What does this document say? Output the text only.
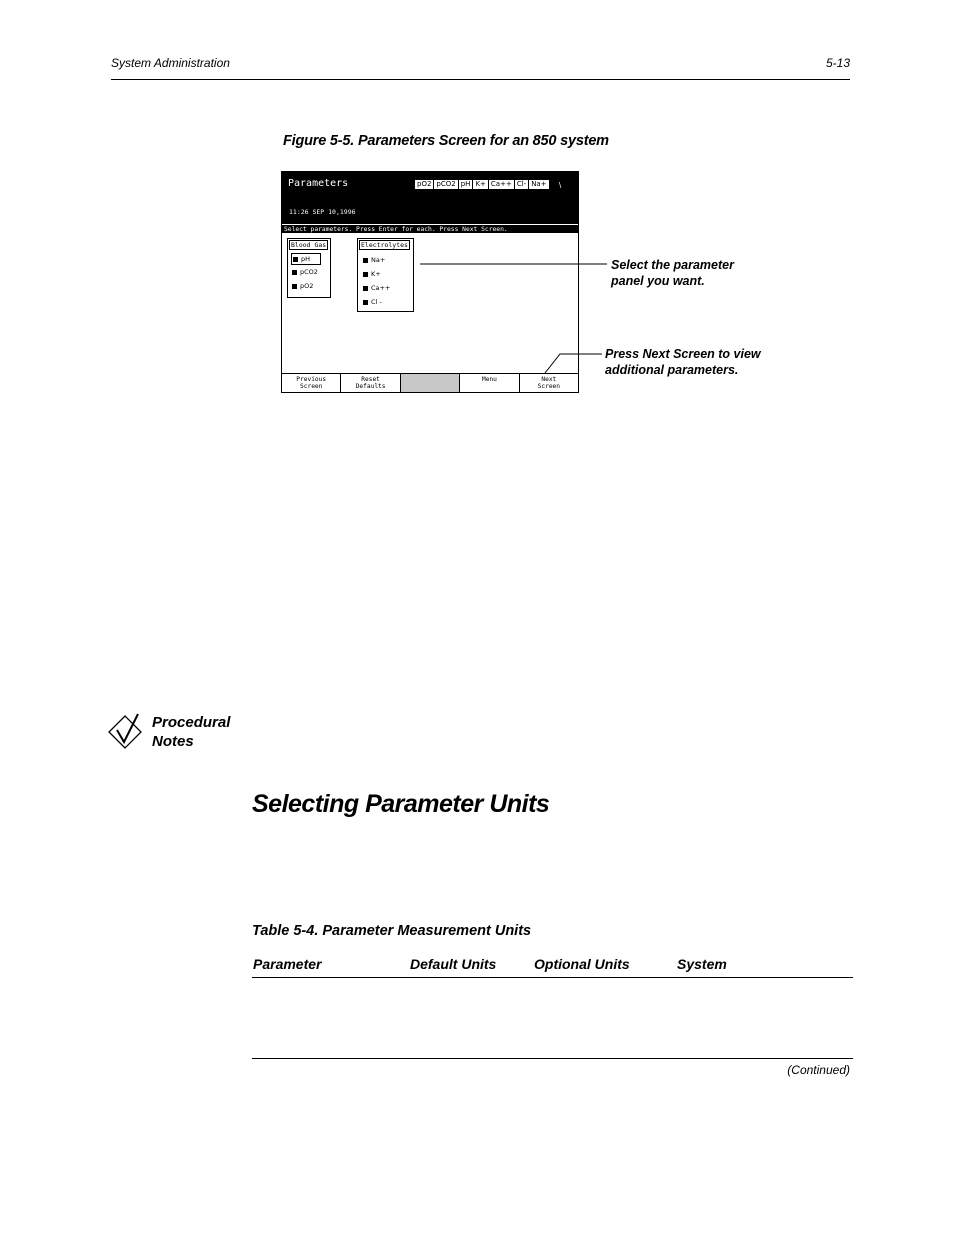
System Administration	5-13
Figure 5-5. Parameters Screen for an 850 system
Parameters	pO2 pCO2 pH K+ Ca++ Cl- Na+ \
11:26 SEP 10,1996
Select parameters. Press Enter for each. Press Next Screen.
Blood Gas
pH
pCO2
pO2
Electrolytes
Na+
K+
Ca++
Cl -
Previous
Screen
Reset
Defaults
Menu	Next
Screen
Select the parameter
panel you want.
Press Next Screen to view
additional parameters.
Procedural
Notes
Selecting Parameter Units
Table 5-4. Parameter Measurement Units
Parameter	Default Units	Optional Units	System
(Continued)
